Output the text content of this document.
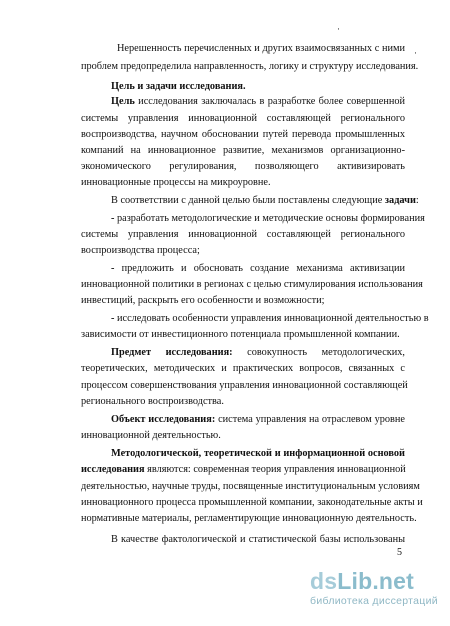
·
·
Нерешенность перечисленных и других взаимосвязанных с ними
проблем предопределила направленность, логику и структуру исследования.
Цель и задачи исследования.
Цель исследования заключалась в разработке более совершенной
системы управления инновационной составляющей регионального
воспроизводства, научном обосновании путей перевода промышленных
компаний на инновационное развитие, механизмов организационно-
экономического регулирования, позволяющего активизировать
инновационные процессы на микроуровне.
В соответствии с данной целью были поставлены следующие задачи:
- разработать методологические и методические основы формирования
системы управления инновационной составляющей регионального
воспроизводства процесса;
- предложить и обосновать создание механизма активизации
инновационной политики в регионах с целью стимулирования использования
инвестиций, раскрыть его особенности и возможности;
- исследовать особенности управления инновационной деятельностью в
зависимости от инвестиционного потенциала промышленной компании.
Предмет исследования: совокупность методологических,
теоретических, методических и практических вопросов, связанных с
процессом совершенствования управления инновационной составляющей
регионального воспроизводства.
Объект исследования: система управления на отраслевом уровне
инновационной деятельностью.
Методологической, теоретической и информационной основой
исследования являются: современная теория управления инновационной
деятельностью, научные труды, посвященные институциональным условиям
инновационного процесса промышленной компании, законодательные акты и
нормативные материалы, регламентирующие инновационную деятельность.
В качестве фактологической и статистической базы использованы
5
dsLib.net
библиотека диссертаций
